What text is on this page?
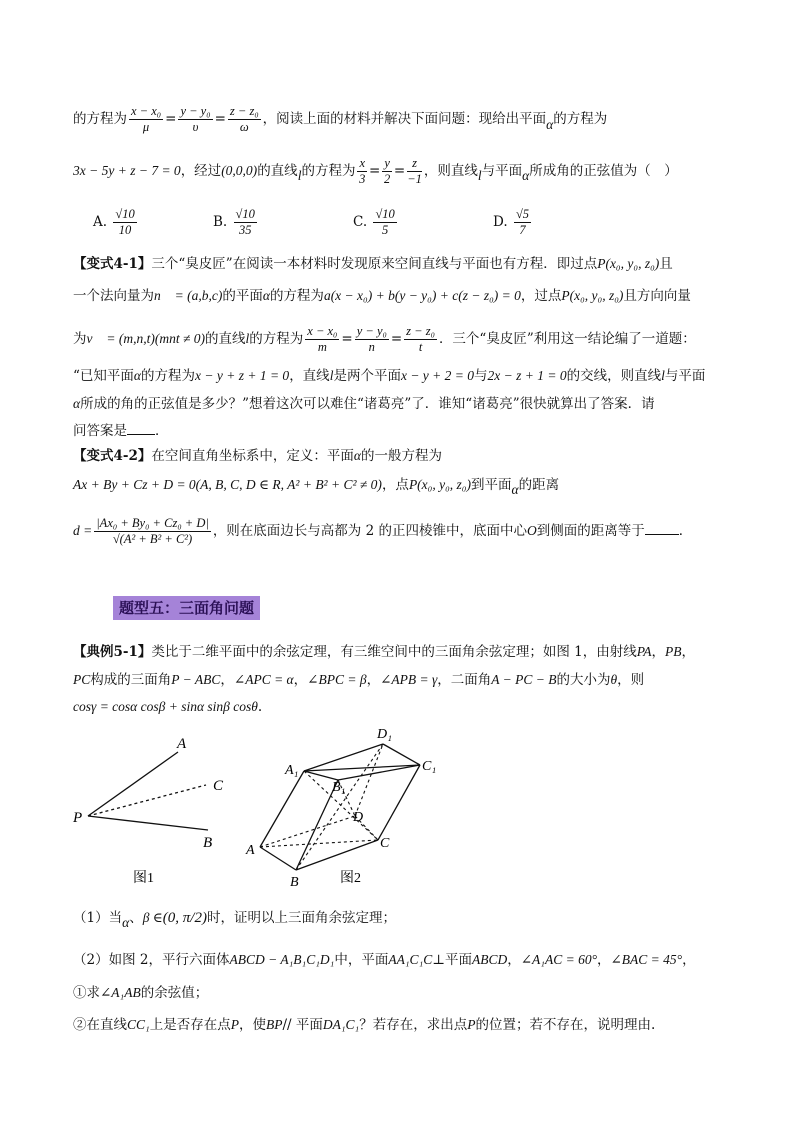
的方程为 $\frac{\text{x − x₀}}{\mu} = \frac{\text{y − y₀}}{\upsilon} = \frac{\text{z − z₀}}{\omega}$ ，阅读上面的材料并解决下面问题：现给出平面α的方程为
3x − 5y + z − 7 = 0，经过(0,0,0)的直线l的方程为 $\frac{x}{3} = \frac{y}{2} = \frac{z}{-1}$ ，则直线l与平面α所成角的正弦值为（　）
A. $\frac{√10}{10}$	B. $\frac{√10}{35}$	C. $\frac{√10}{5}$	D. $\frac{√5}{7}$
【变式4-1】三个“臭皮匠”在阅读一本材料时发现原来空间直线与平面也有方程．即过点P(x₀, y₀, z₀)且
一个法向量为n⃗ = (a,b,c)的平面α的方程为a(x − x₀) + b(y − y₀) + c(z − z₀) = 0，过点P(x₀, y₀, z₀)且方向向量
为v⃗ = (m,n,t)(mnt ≠ 0)的直线l的方程为 $\frac{\text{x − x₀}}{m} = \frac{\text{y − y₀}}{n} = \frac{\text{z − z₀}}{t}$ ．三个“臭皮匠”利用这一结论编了一道题：
“已知平面α的方程为x − y + z + 1 = 0，直线l是两个平面x − y + 2 = 0与2x − z + 1 = 0的交线，则直线l与平面
α所成的角的正弦值是多少？”想着这次可以难住“诸葛亮”了．谁知“诸葛亮”很快就算出了答案．请
问答案是 ．
【变式4-2】在空间直角坐标系中，定义：平面α的一般方程为
Ax + By + Cz + D = 0(A, B, C, D ∈ R, A² + B² + C² ≠ 0)，点P(x₀, y₀, z₀)到平面α的距离
$d = \frac{\text{|Ax₀ + By₀ + Cz₀ + D|}}{\text{√(A² + B² + C²)}}$ ，则在底面边长与高都为 2 的正四棱锥中，底面中心O到侧面的距离等于	．
题型五：三面角问题
【典例5-1】类比于二维平面中的余弦定理，有三维空间中的三面角余弦定理；如图 1，由射线PA，PB，
PC构成的三面角P − ABC，∠APC = α，∠BPC = β，∠APB = γ，二面角A − PC − B的大小为θ，则
cosγ = cosα cosβ + sinα sinβ cosθ.
A
C
P
B
图1
D₁
A₁	C₁
B₁
D
A	C
B	图2
（1）当α、β ∈(0, π/2)时，证明以上三面角余弦定理；
（2）如图 2，平行六面体ABCD − A₁B₁C₁D₁中，平面AA₁C₁C⊥平面ABCD，∠A₁AC = 60°，∠BAC = 45°，
①求∠A₁AB的余弦值；
②在直线CC₁上是否存在点P，使BP// 平面DA₁C₁？若存在，求出点P的位置；若不存在，说明理由.
